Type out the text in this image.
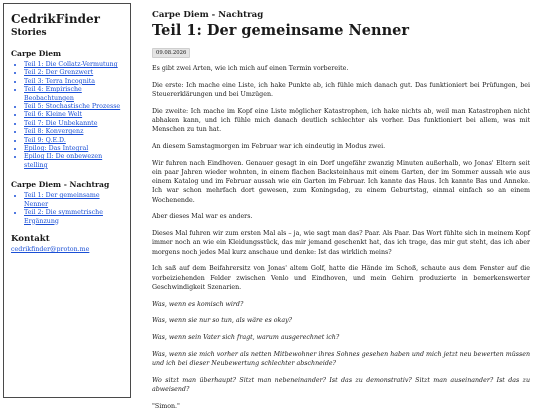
CedrikFinder
Stories
Carpe Diem
• Teil 1: Die Collatz-Vermutung
• Teil 2: Der Grenzwert
• Teil 3: Terra Incognita
• Teil 4: Empirische Beobachtungen
• Teil 5: Stochastische Prozesse
• Teil 6: Kleine Welt
• Teil 7: Die Unbekannte
• Teil 8: Konvergenz
• Teil 9: Q.E.D.
• Epilog: Das Integral
• Epilog II: De onbewezen stelling
Carpe Diem - Nachtrag
• Teil 1: Der gemeinsame Nenner
• Teil 2: Die symmetrische Ergänzung
Kontakt
cedrikfinder@proton.me
Carpe Diem - Nachtrag
Teil 1: Der gemeinsame Nenner
09.08.2026

Es gibt zwei Arten, wie ich mich auf einen Termin vorbereite.

Die erste: Ich mache eine Liste, ich hake Punkte ab, ich fühle mich danach gut. Das funktioniert bei Prüfungen, bei Steuererklärungen und bei Umzügen.

Die zweite: Ich mache im Kopf eine Liste möglicher Katastrophen, ich hake nichts ab, weil man Katastrophen nicht abhaken kann, und ich fühle mich danach deutlich schlechter als vorher. Das funktioniert bei allem, was mit Menschen zu tun hat.

An diesem Samstagmorgen im Februar war ich eindeutig in Modus zwei.

Wir fuhren nach Eindhoven. Genauer gesagt in ein Dorf ungefähr zwanzig Minuten außerhalb, wo Jonas' Eltern seit ein paar Jahren wieder wohnten, in einem flachen Backsteinhaus mit einem Garten, der im Sommer aussah wie aus einem Katalog und im Februar aussah wie ein Garten im Februar. Ich kannte das Haus. Ich kannte Bas und Anneke. Ich war schon mehrfach dort gewesen, zum Koningsdag, zu einem Geburtstag, einmal einfach so an einem Wochenende.

Aber dieses Mal war es anders.

Dieses Mal fuhren wir zum ersten Mal als – ja, wie sagt man das? Paar. Als Paar. Das Wort fühlte sich in meinem Kopf immer noch an wie ein Kleidungsstück, das mir jemand geschenkt hat, das ich trage, das mir gut steht, das ich aber morgens noch jedes Mal kurz anschaue und denke: Ist das wirklich meins?

Ich saß auf dem Beifahrersitz von Jonas' altem Golf, hatte die Hände im Schoß, schaute aus dem Fenster auf die vorbeiziehenden Felder zwischen Venlo und Eindhoven, und mein Gehirn produzierte in bemerkenswerter Geschwindigkeit Szenarien.

Was, wenn es komisch wird?

Was, wenn sie nur so tun, als wäre es okay?

Was, wenn sein Vater sich fragt, warum ausgerechnet ich?

Was, wenn sie mich vorher als netten Mitbewohner ihres Sohnes gesehen haben und mich jetzt neu bewerten müssen und ich bei dieser Neubewertung schlechter abschneide?

Wo sitzt man überhaupt? Sitzt man nebeneinander? Ist das zu demonstrativ? Sitzt man auseinander? Ist das zu abweisend?

"Simon."
